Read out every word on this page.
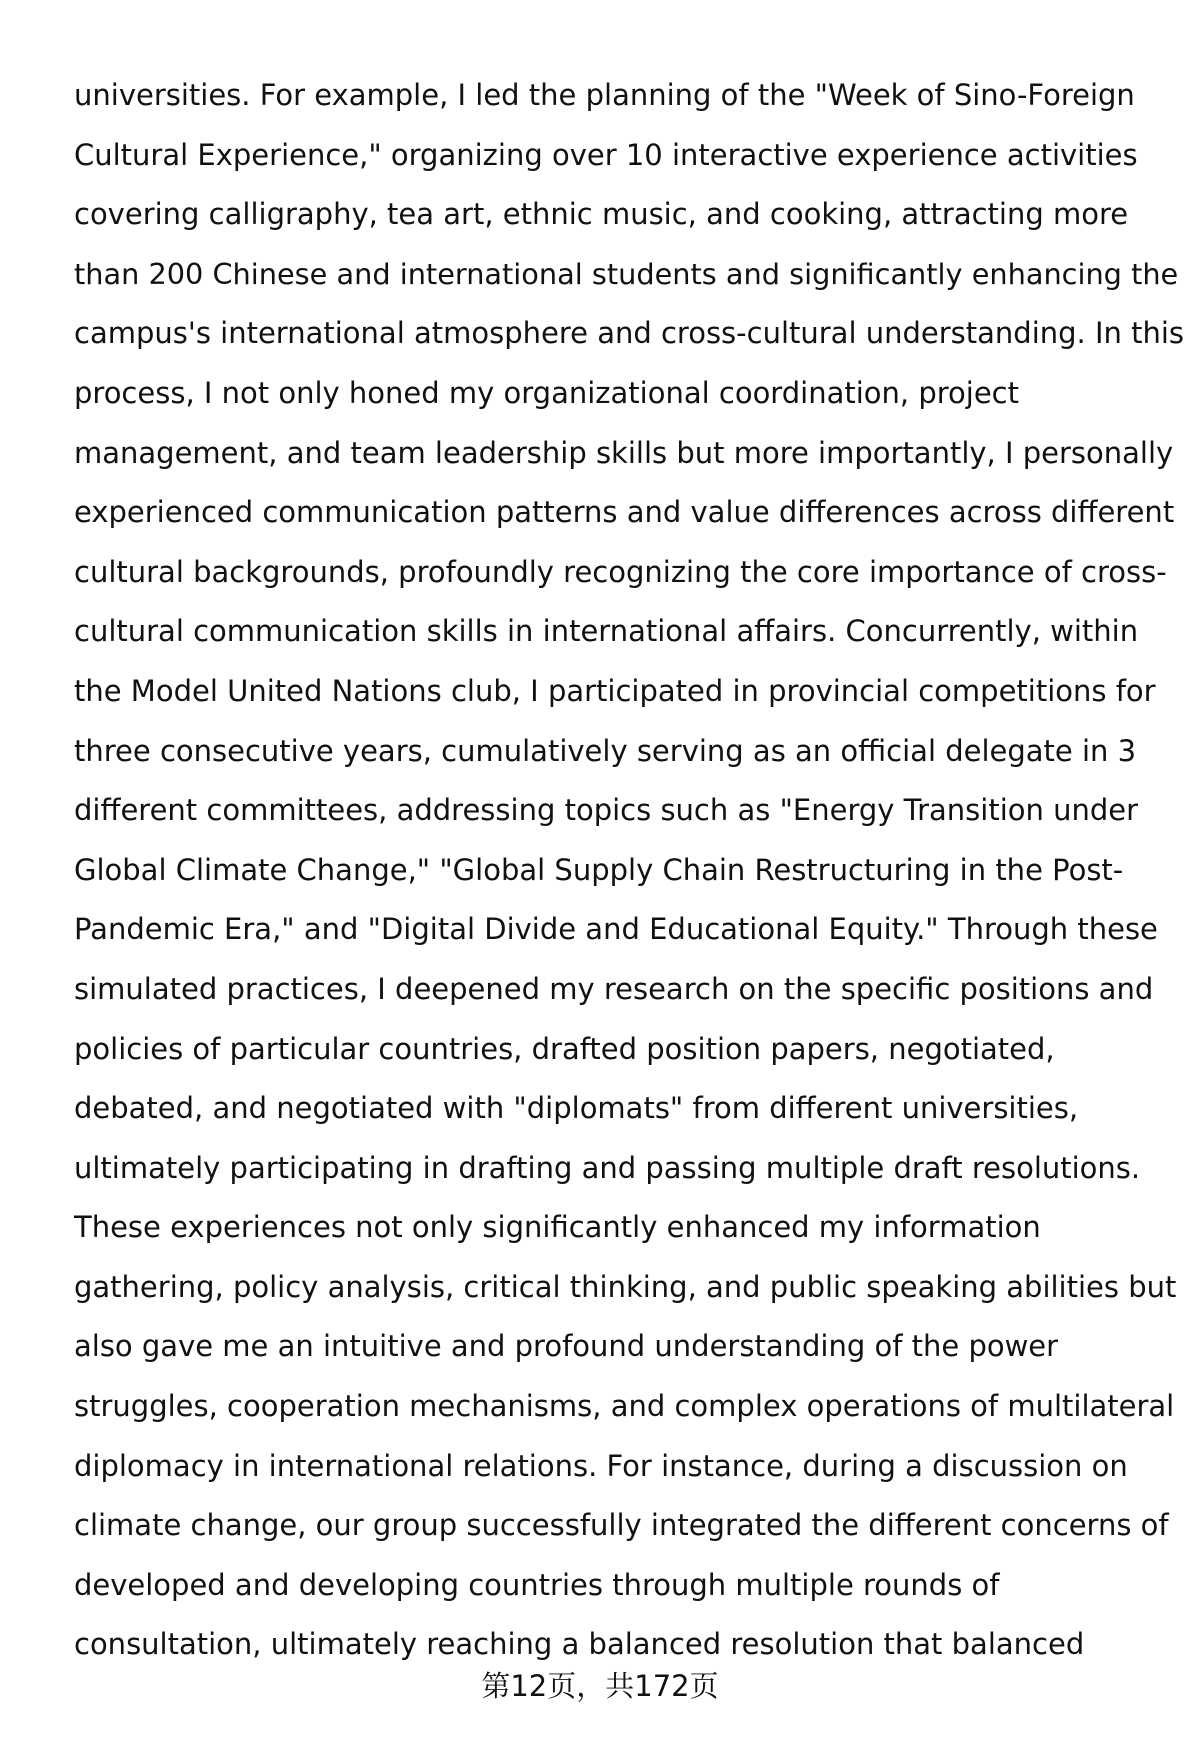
universities. For example, I led the planning of the "Week of Sino-Foreign
Cultural Experience," organizing over 10 interactive experience activities
covering calligraphy, tea art, ethnic music, and cooking, attracting more
than 200 Chinese and international students and significantly enhancing the
campus's international atmosphere and cross-cultural understanding. In this
process, I not only honed my organizational coordination, project
management, and team leadership skills but more importantly, I personally
experienced communication patterns and value differences across different
cultural backgrounds, profoundly recognizing the core importance of cross-
cultural communication skills in international affairs. Concurrently, within
the Model United Nations club, I participated in provincial competitions for
three consecutive years, cumulatively serving as an official delegate in 3
different committees, addressing topics such as "Energy Transition under
Global Climate Change," "Global Supply Chain Restructuring in the Post-
Pandemic Era," and "Digital Divide and Educational Equity." Through these
simulated practices, I deepened my research on the specific positions and
policies of particular countries, drafted position papers, negotiated,
debated, and negotiated with "diplomats" from different universities,
ultimately participating in drafting and passing multiple draft resolutions.
These experiences not only significantly enhanced my information
gathering, policy analysis, critical thinking, and public speaking abilities but
also gave me an intuitive and profound understanding of the power
struggles, cooperation mechanisms, and complex operations of multilateral
diplomacy in international relations. For instance, during a discussion on
climate change, our group successfully integrated the different concerns of
developed and developing countries through multiple rounds of
consultation, ultimately reaching a balanced resolution that balanced
第12页，共172页
